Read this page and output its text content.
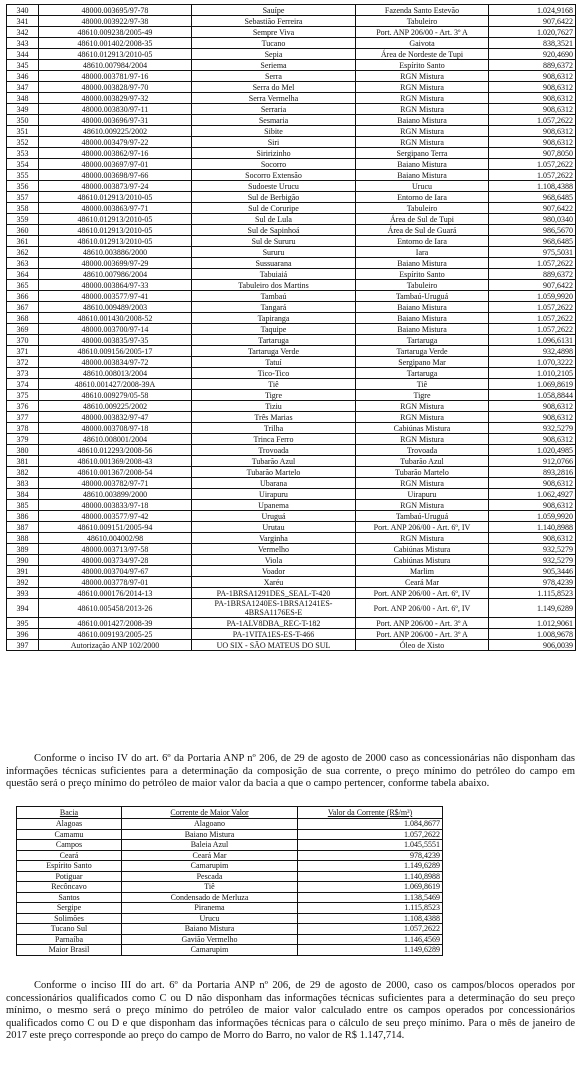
340	48000.003695/97-78	Sauípe	Fazenda Santo Estevão	1.024,9168
341	48000.003922/97-38	Sebastião Ferreira	Tabuleiro	907,6422
342	48610.009238/2005-49	Sempre Viva	Port. ANP 206/00 - Art. 3º A	1.020,7627
343	48610.001402/2008-35	Tucano	Gaivota	838,3521
344	48610.012913/2010-05	Sepia	Área de Nordeste de Tupi	920,4690
345	48610.007984/2004	Seriema	Espírito Santo	889,6372
346	48000.003781/97-16	Serra	RGN Mistura	908,6312
347	48000.003828/97-70	Serra do Mel	RGN Mistura	908,6312
348	48000.003829/97-32	Serra Vermelha	RGN Mistura	908,6312
349	48000.003830/97-11	Serraria	RGN Mistura	908,6312
350	48000.003696/97-31	Sesmaria	Baiano Mistura	1.057,2622
351	48610.009225/2002	Sibite	RGN Mistura	908,6312
352	48000.003479/97-22	Siri	RGN Mistura	908,6312
353	48000.003862/97-16	Siririzinho	Sergipano Terra	907,8050
354	48000.003697/97-01	Socorro	Baiano Mistura	1.057,2622
355	48000.003698/97-66	Socorro Extensão	Baiano Mistura	1.057,2622
356	48000.003873/97-24	Sudoeste Urucu	Urucu	1.108,4388
357	48610.012913/2010-05	Sul de Berbigão	Entorno de Iara	968,6485
358	48000.003863/97-71	Sul de Coruripe	Tabuleiro	907,6422
359	48610.012913/2010-05	Sul de Lula	Área de Sul de Tupi	980,0340
360	48610.012913/2010-05	Sul de Sapinhoá	Área de Sul de Guará	986,5670
361	48610.012913/2010-05	Sul de Sururu	Entorno de Iara	968,6485
362	48610.003886/2000	Sururu	Iara	975,5031
363	48000.003699/97-29	Sussuarana	Baiano Mistura	1.057,2622
364	48610.007986/2004	Tabuiaiá	Espírito Santo	889,6372
365	48000.003864/97-33	Tabuleiro dos Martins	Tabuleiro	907,6422
366	48000.003577/97-41	Tambaú	Tambaú-Uruguá	1.059,9920
367	48610.009489/2003	Tangará	Baiano Mistura	1.057,2622
368	48610.001430/2008-52	Tapiranga	Baiano Mistura	1.057,2622
369	48000.003700/97-14	Taquipe	Baiano Mistura	1.057,2622
370	48000.003835/97-35	Tartaruga	Tartaruga	1.096,6131
371	48610.009156/2005-17	Tartaruga Verde	Tartaruga Verde	932,4898
372	48000.003834/97-72	Tatuí	Sergipano Mar	1.070,3222
373	48610.008013/2004	Tico-Tico	Tartaruga	1.010,2105
374	48610.001427/2008-39A	Tiê	Tiê	1.069,8619
375	48610.009279/05-58	Tigre	Tigre	1.058,8844
376	48610.009225/2002	Tiziu	RGN Mistura	908,6312
377	48000.003832/97-47	Três Marias	RGN Mistura	908,6312
378	48000.003708/97-18	Trilha	Cabiúnas Mistura	932,5279
379	48610.008001/2004	Trinca Ferro	RGN Mistura	908,6312
380	48610.012293/2008-56	Trovoada	Trovoada	1.020,4985
381	48610.001369/2008-43	Tubarão Azul	Tubarão Azul	912,0766
382	48610.001367/2008-54	Tubarão Martelo	Tubarão Martelo	893,2816
383	48000.003782/97-71	Ubarana	RGN Mistura	908,6312
384	48610.003899/2000	Uirapuru	Uirapuru	1.062,4927
385	48000.003833/97-18	Upanema	RGN Mistura	908,6312
386	48000.003577/97-42	Uruguá	Tambaú-Uruguá	1.059,9920
387	48610.009151/2005-94	Urutau	Port. ANP 206/00 - Art. 6º, IV	1.140,8988
388	48610.004002/98	Varginha	RGN Mistura	908,6312
389	48000.003713/97-58	Vermelho	Cabiúnas Mistura	932,5279
390	48000.003734/97-28	Viola	Cabiúnas Mistura	932,5279
391	48000.003704/97-67	Voador	Marlim	905,3446
392	48000.003778/97-01	Xaréu	Ceará Mar	978,4239
393	48610.000176/2014-13	PA-1BRSA1291DES_SEAL-T-420	Port. ANP 206/00 - Art. 6º, IV	1.115,8523
394	48610.005458/2013-26	PA-1BRSA1240ES-1BRSA1241ES-4BRSA1176ES-E	Port. ANP 206/00 - Art. 6º, IV	1.149,6289
395	48610.001427/2008-39	PA-1ALV8DBA_REC-T-182	Port. ANP 206/00 - Art. 3º A	1.012,9061
396	48610.009193/2005-25	PA-1VITA1ES-ES-T-466	Port. ANP 206/00 - Art. 3º A	1.008,9678
397	Autorização ANP 102/2000	UO SIX - SÃO MATEUS DO SUL	Óleo de Xisto	906,0039

Conforme o inciso IV do art. 6º da Portaria ANP nº 206, de 29 de agosto de 2000 caso as concessionárias não disponham das informações técnicas suficientes para a determinação da composição de sua corrente, o preço mínimo do petróleo do campo em questão será o preço mínimo do petróleo de maior valor da bacia a que o campo pertencer, conforme tabela abaixo.

Bacia	Corrente de Maior Valor	Valor da Corrente (R$/m³)
Alagoas	Alagoano	1.084,8677
Camamu	Baiano Mistura	1.057,2622
Campos	Baleia Azul	1.045,5551
Ceará	Ceará Mar	978,4239
Espírito Santo	Camarupim	1.149,6289
Potiguar	Pescada	1.140,8988
Recôncavo	Tiê	1.069,8619
Santos	Condensado de Merluza	1.138,5469
Sergipe	Piranema	1.115,8523
Solimões	Urucu	1.108,4388
Tucano Sul	Baiano Mistura	1.057,2622
Parnaíba	Gavião Vermelho	1.146,4569
Maior Brasil	Camarupim	1.149,6289

Conforme o inciso III do art. 6º da Portaria ANP nº 206, de 29 de agosto de 2000, caso os campos/blocos operados por concessionários qualificados como C ou D não disponham das informações técnicas suficientes para a determinação do seu preço mínimo, o mesmo será o preço mínimo do petróleo de maior valor calculado entre os campos operados por concessionários qualificados como C ou D e que disponham das informações técnicas para o cálculo de seu preço mínimo. Para o mês de janeiro de 2017 este preço corresponde ao preço do campo de Morro do Barro, no valor de R$ 1.147,714.
